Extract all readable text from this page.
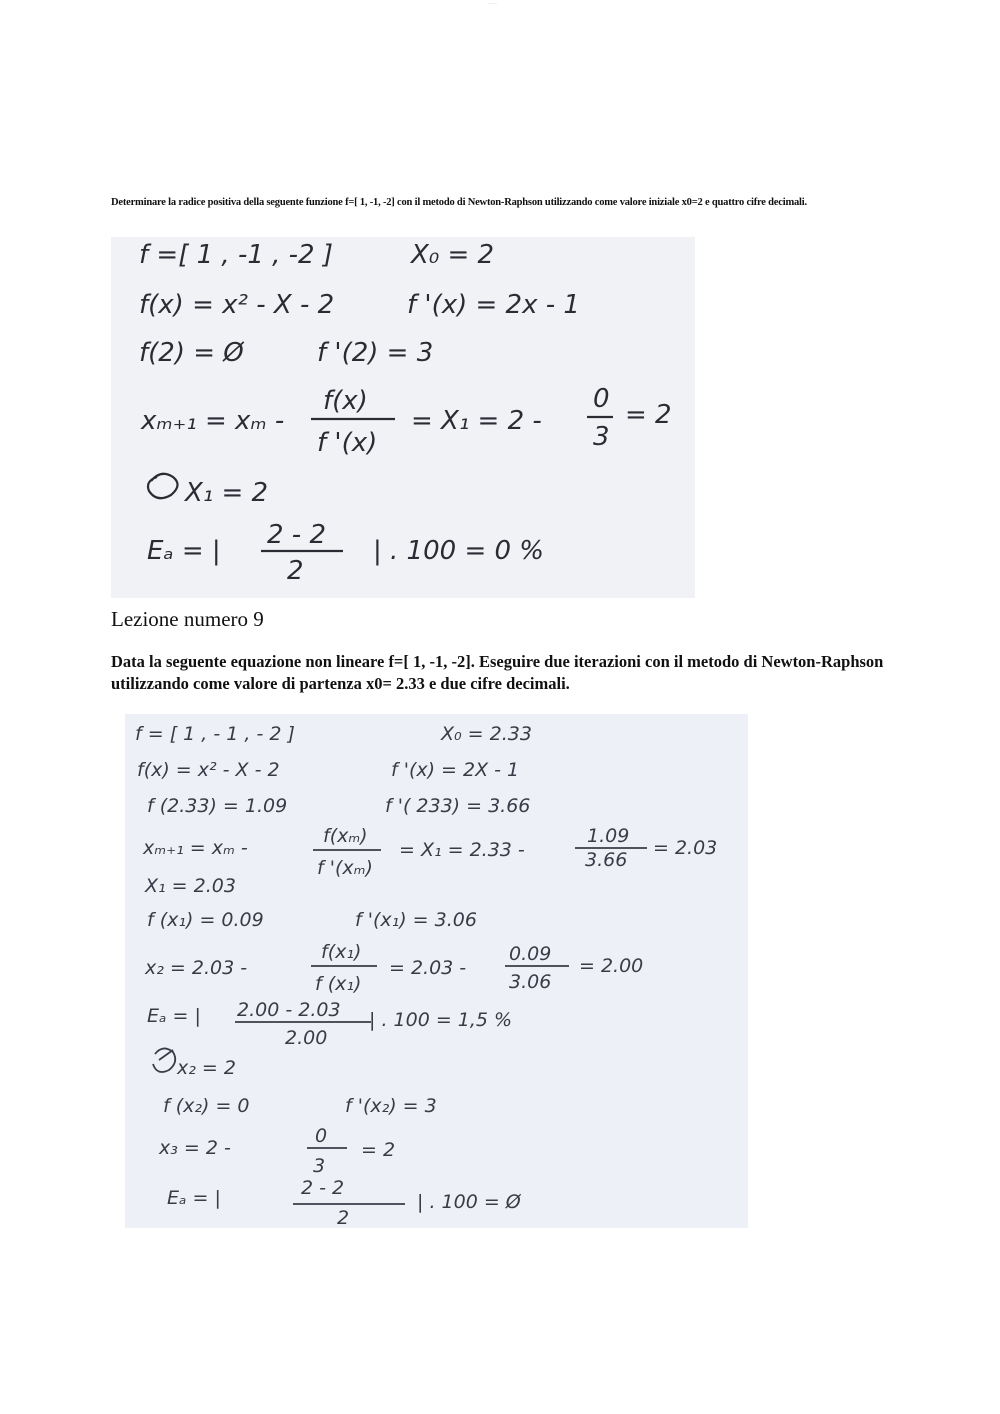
- - - -
Determinare la radice positiva della seguente funzione f=[ 1, -1, -2] con il metodo di Newton-Raphson utilizzando come valore iniziale x0=2 e quattro cifre decimali.
f =[ 1 , -1 , -2 ]	X₀ = 2
f(x) = x² - X - 2	f '(x) = 2x - 1
f(2) = Ø	f '(2) = 3
xₘ₊₁ = xₘ -
f(x)
f '(x)
= X₁ = 2 -
0
3
= 2
X₁ = 2
Eₐ = |
2 - 2
2
| . 100 = 0 %
Lezione numero 9
Data la seguente equazione non lineare f=[ 1, -1, -2]. Eseguire due iterazioni con il metodo di Newton-Raphson utilizzando come valore di partenza x0= 2.33 e due cifre decimali.
f = [ 1 , - 1 , - 2 ]	X₀ = 2.33
f(x) = x² - X - 2	f '(x) = 2X - 1
f (2.33) = 1.09	f '( 233) = 3.66
xₘ₊₁ = xₘ -
f(xₘ)
f '(xₘ)
= X₁ = 2.33 -
1.09
3.66
= 2.03
X₁ = 2.03
f (x₁) = 0.09	f '(x₁) = 3.06
x₂ = 2.03 -
f(x₁)
f (x₁)
= 2.03 -
0.09
3.06
= 2.00
Eₐ = | 2.00 - 2.03
2.00
| . 100 = 1,5 %
x₂ = 2
f (x₂) = 0	f '(x₂) = 3
x₃ = 2 -
0
3
= 2
Eₐ = |	2 - 2
2
| . 100 = Ø
